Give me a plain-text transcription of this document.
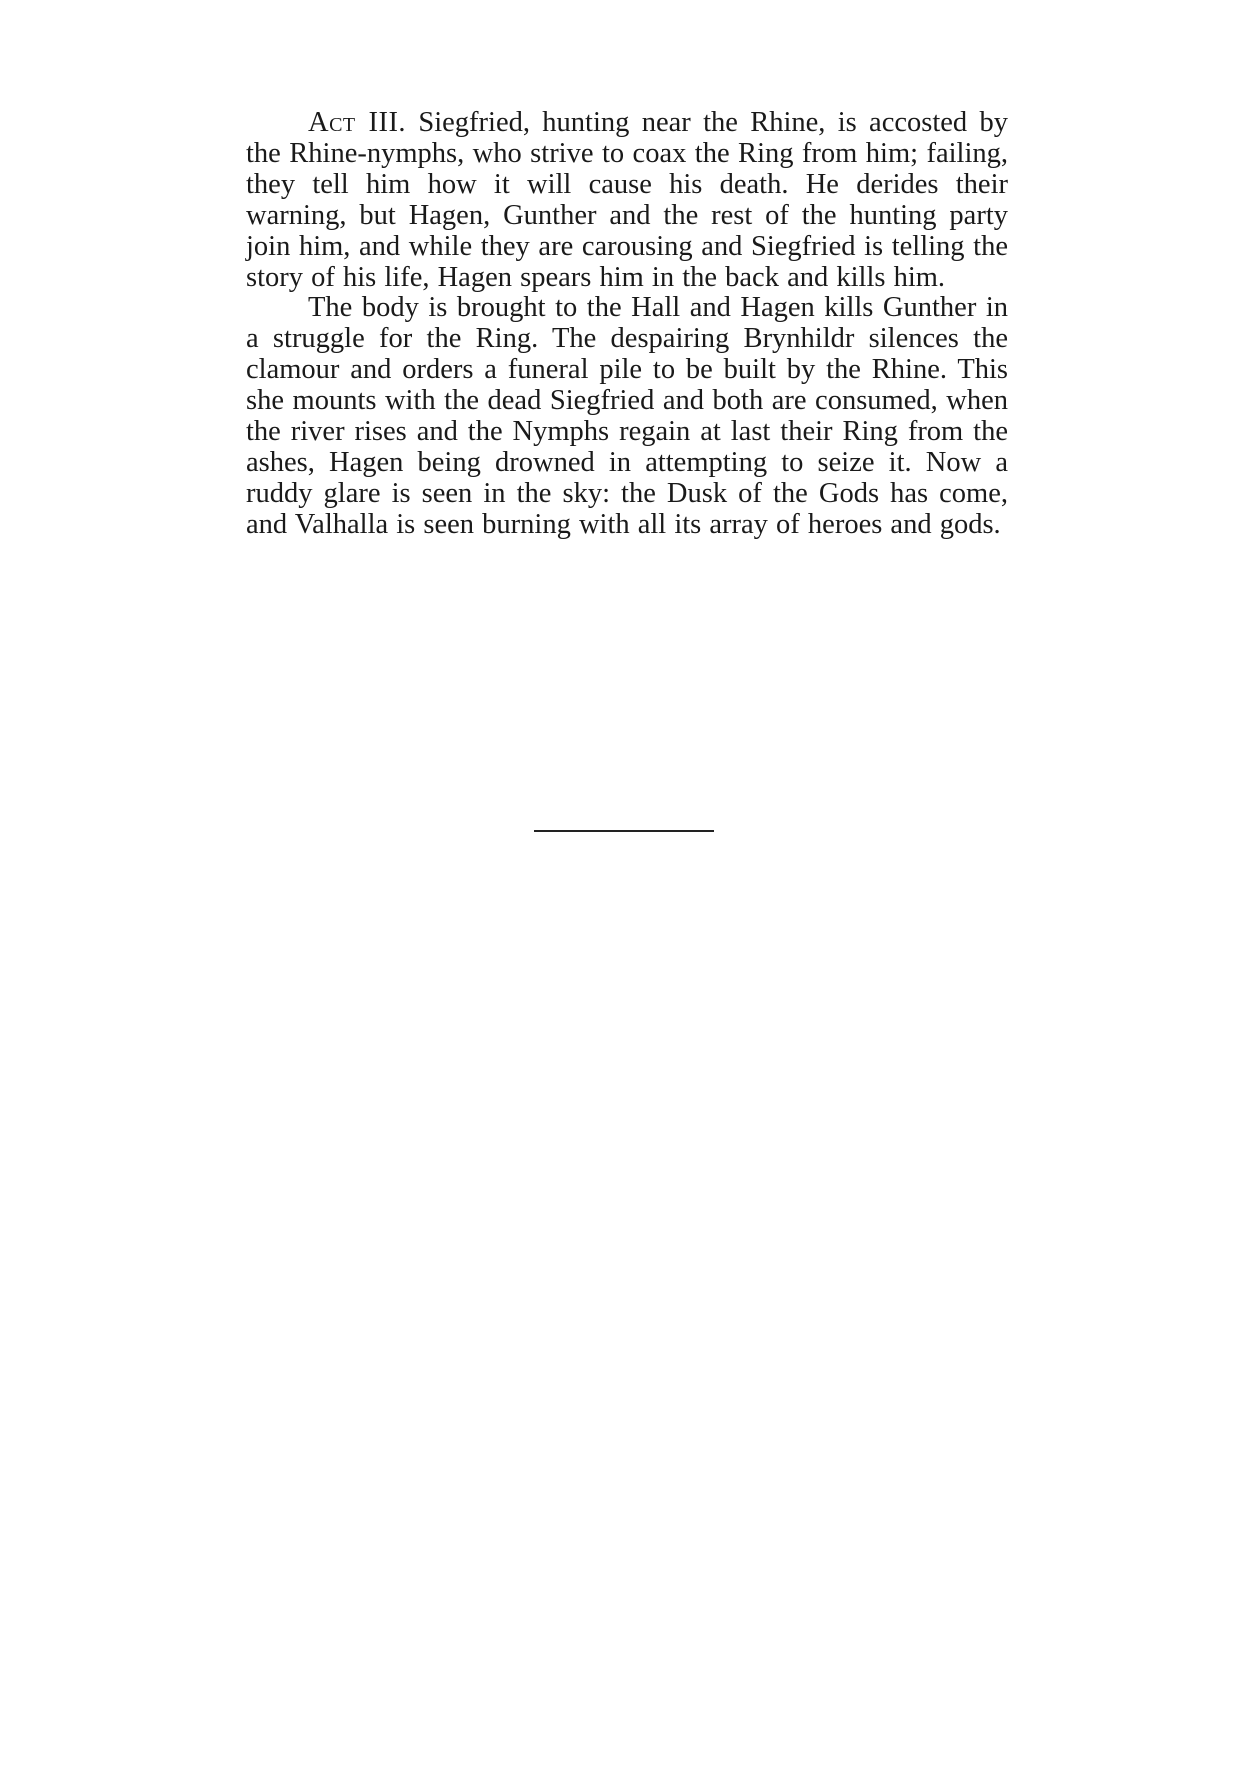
Act III. Siegfried, hunting near the Rhine, is accosted by the Rhine-nymphs, who strive to coax the Ring from him; failing, they tell him how it will cause his death. He derides their warning, but Hagen, Gunther and the rest of the hunting party join him, and while they are carousing and Siegfried is telling the story of his life, Hagen spears him in the back and kills him.

The body is brought to the Hall and Hagen kills Gunther in a struggle for the Ring. The despairing Brynhildr silences the clamour and orders a funeral pile to be built by the Rhine. This she mounts with the dead Siegfried and both are consumed, when the river rises and the Nymphs regain at last their Ring from the ashes, Hagen being drowned in attempting to seize it. Now a ruddy glare is seen in the sky: the Dusk of the Gods has come, and Valhalla is seen burning with all its array of heroes and gods.
